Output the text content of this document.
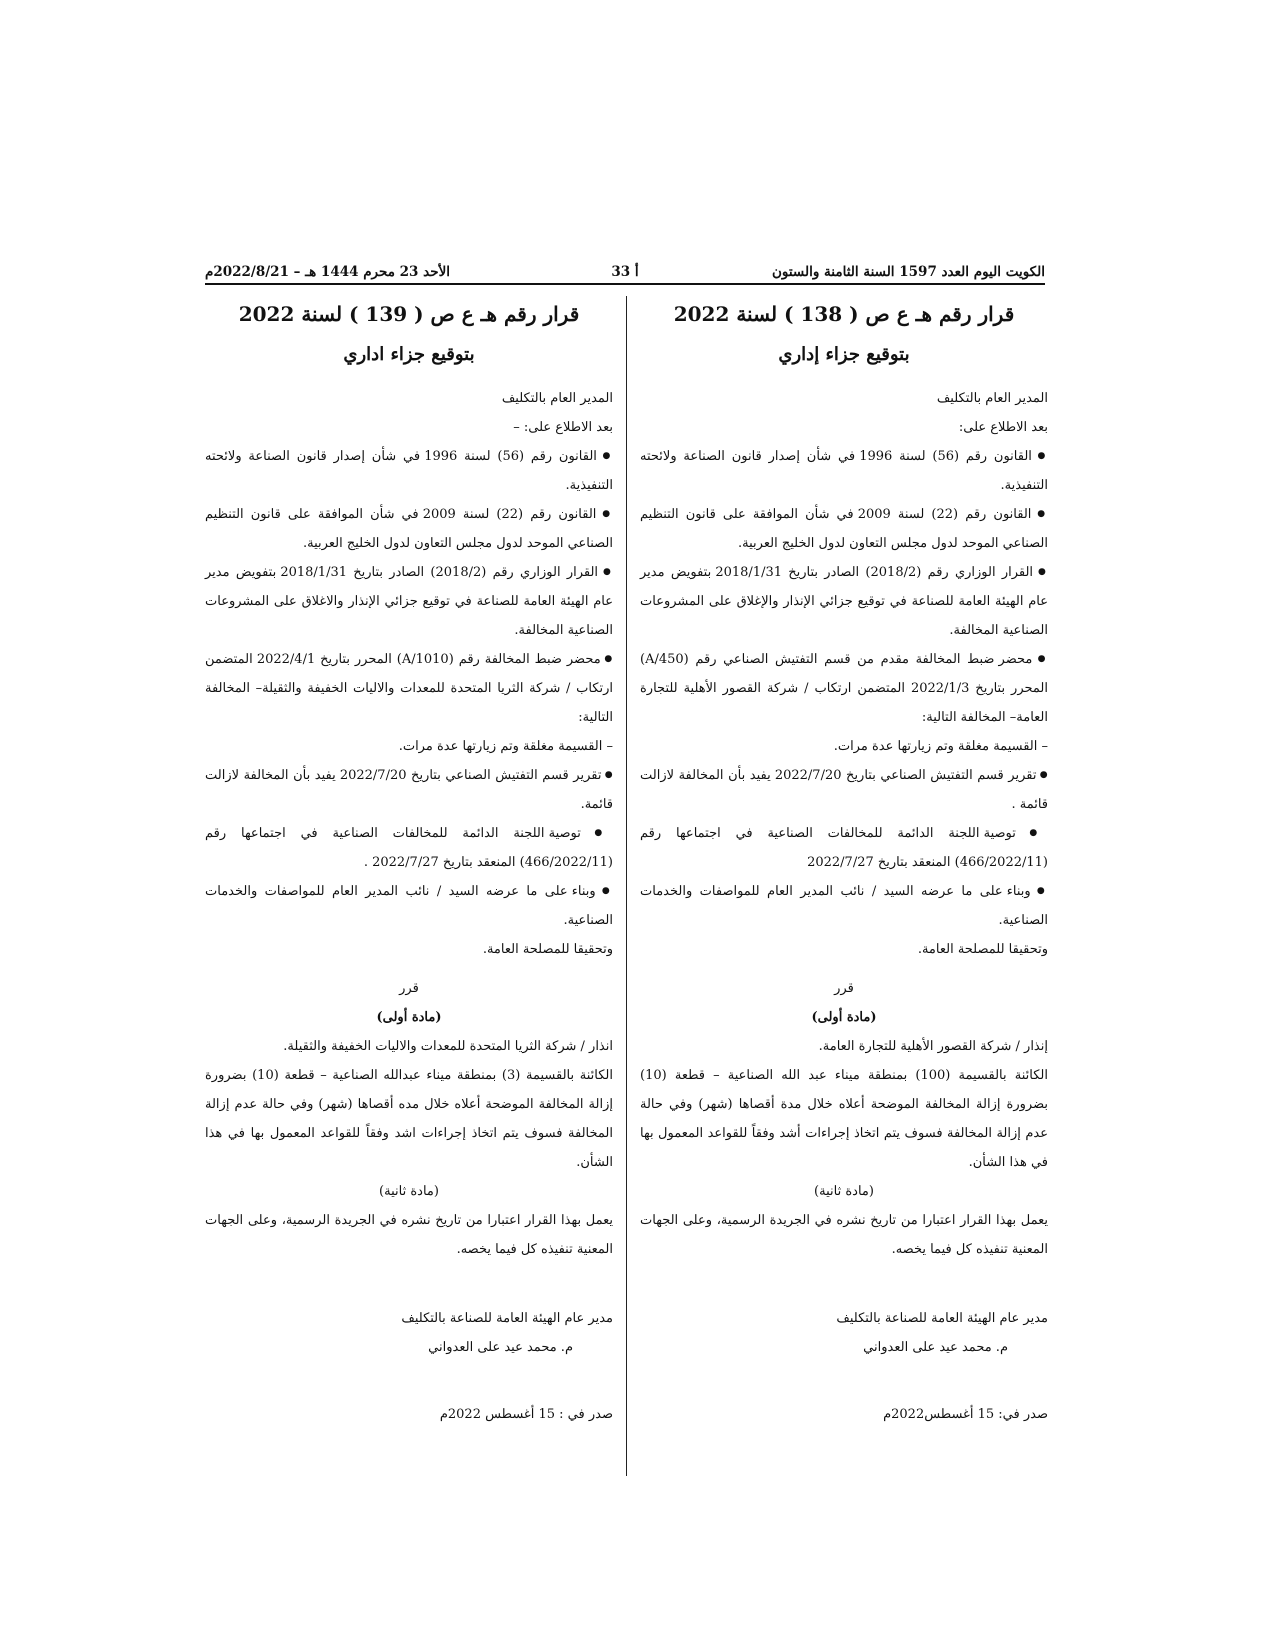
الكويت اليوم العدد 1597 السنة الثامنة والستون
أ 33
الأحد 23 محرم 1444 هـ – 2022/8/21م
قرار رقم هـ ع ص ( 138 ) لسنة 2022
بتوقيع جزاء إداري

المدير العام بالتكليف

بعد الاطلاع على:

● القانون رقم (56) لسنة 1996 في شأن إصدار قانون الصناعة ولائحته التنفيذية.

● القانون رقم (22) لسنة 2009 في شأن الموافقة على قانون التنظيم الصناعي الموحد لدول مجلس التعاون لدول الخليج العربية.

● القرار الوزاري رقم (2018/2) الصادر بتاريخ 2018/1/31 بتفويض مدير عام الهيئة العامة للصناعة في توقيع جزائي الإنذار والإغلاق على المشروعات الصناعية المخالفة.

● محضر ضبط المخالفة مقدم من قسم التفتيش الصناعي رقم (A/450) المحرر بتاريخ 2022/1/3 المتضمن ارتكاب / شركة القصور الأهلية للتجارة العامة– المخالفة التالية:

– القسيمة مغلقة وتم زيارتها عدة مرات.

● تقرير قسم التفتيش الصناعي بتاريخ 2022/7/20 يفيد بأن المخالفة لازالت قائمة .

● توصية اللجنة الدائمة للمخالفات الصناعية في اجتماعها رقم (466/2022/11) المنعقد بتاريخ 2022/7/27

● وبناء على ما عرضه السيد / نائب المدير العام للمواصفات والخدمات الصناعية.

وتحقيقا للمصلحة العامة.

قرر

(مادة أولى)

إنذار / شركة القصور الأهلية للتجارة العامة.

الكائنة بالقسيمة (100) بمنطقة ميناء عبد الله الصناعية – قطعة (10) بضرورة إزالة المخالفة الموضحة أعلاه خلال مدة أقصاها (شهر) وفي حالة عدم إزالة المخالفة فسوف يتم اتخاذ إجراءات أشد وفقاً للقواعد المعمول بها في هذا الشأن.

(مادة ثانية)

يعمل بهذا القرار اعتبارا من تاريخ نشره في الجريدة الرسمية، وعلى الجهات المعنية تنفيذه كل فيما يخصه.

مدير عام الهيئة العامة للصناعة بالتكليف

م. محمد عيد على العدواني

صدر في: 15 أغسطس2022م

قرار رقم هـ ع ص ( 139 ) لسنة 2022
بتوقيع جزاء اداري

المدير العام بالتكليف

بعد الاطلاع على: –

● القانون رقم (56) لسنة 1996 في شأن إصدار قانون الصناعة ولائحته التنفيذية.

● القانون رقم (22) لسنة 2009 في شأن الموافقة على قانون التنظيم الصناعي الموحد لدول مجلس التعاون لدول الخليج العربية.

● القرار الوزاري رقم (2018/2) الصادر بتاريخ 2018/1/31 بتفويض مدير عام الهيئة العامة للصناعة في توقيع جزائي الإنذار والاغلاق على المشروعات الصناعية المخالفة.

● محضر ضبط المخالفة رقم (A/1010) المحرر بتاريخ 2022/4/1 المتضمن ارتكاب / شركة الثريا المتحدة للمعدات والاليات الخفيفة والثقيلة– المخالفة التالية:

– القسيمة مغلقة وتم زيارتها عدة مرات.

● تقرير قسم التفتيش الصناعي بتاريخ 2022/7/20 يفيد بأن المخالفة لازالت قائمة.

● توصية اللجنة الدائمة للمخالفات الصناعية في اجتماعها رقم (466/2022/11) المنعقد بتاريخ 2022/7/27 .

● وبناء على ما عرضه السيد / نائب المدير العام للمواصفات والخدمات الصناعية.

وتحقيقا للمصلحة العامة.

قرر

(مادة أولى)

انذار / شركة الثريا المتحدة للمعدات والاليات الخفيفة والثقيلة.

الكائنة بالقسيمة (3) بمنطقة ميناء عبدالله الصناعية – قطعة (10) بضرورة إزالة المخالفة الموضحة أعلاه خلال مده أقصاها (شهر) وفي حالة عدم إزالة المخالفة فسوف يتم اتخاذ إجراءات اشد وفقاً للقواعد المعمول بها في هذا الشأن.

(مادة ثانية)

يعمل بهذا القرار اعتبارا من تاريخ نشره في الجريدة الرسمية، وعلى الجهات المعنية تنفيذه كل فيما يخصه.

مدير عام الهيئة العامة للصناعة بالتكليف

م. محمد عيد على العدواني

صدر في : 15 أغسطس 2022م
